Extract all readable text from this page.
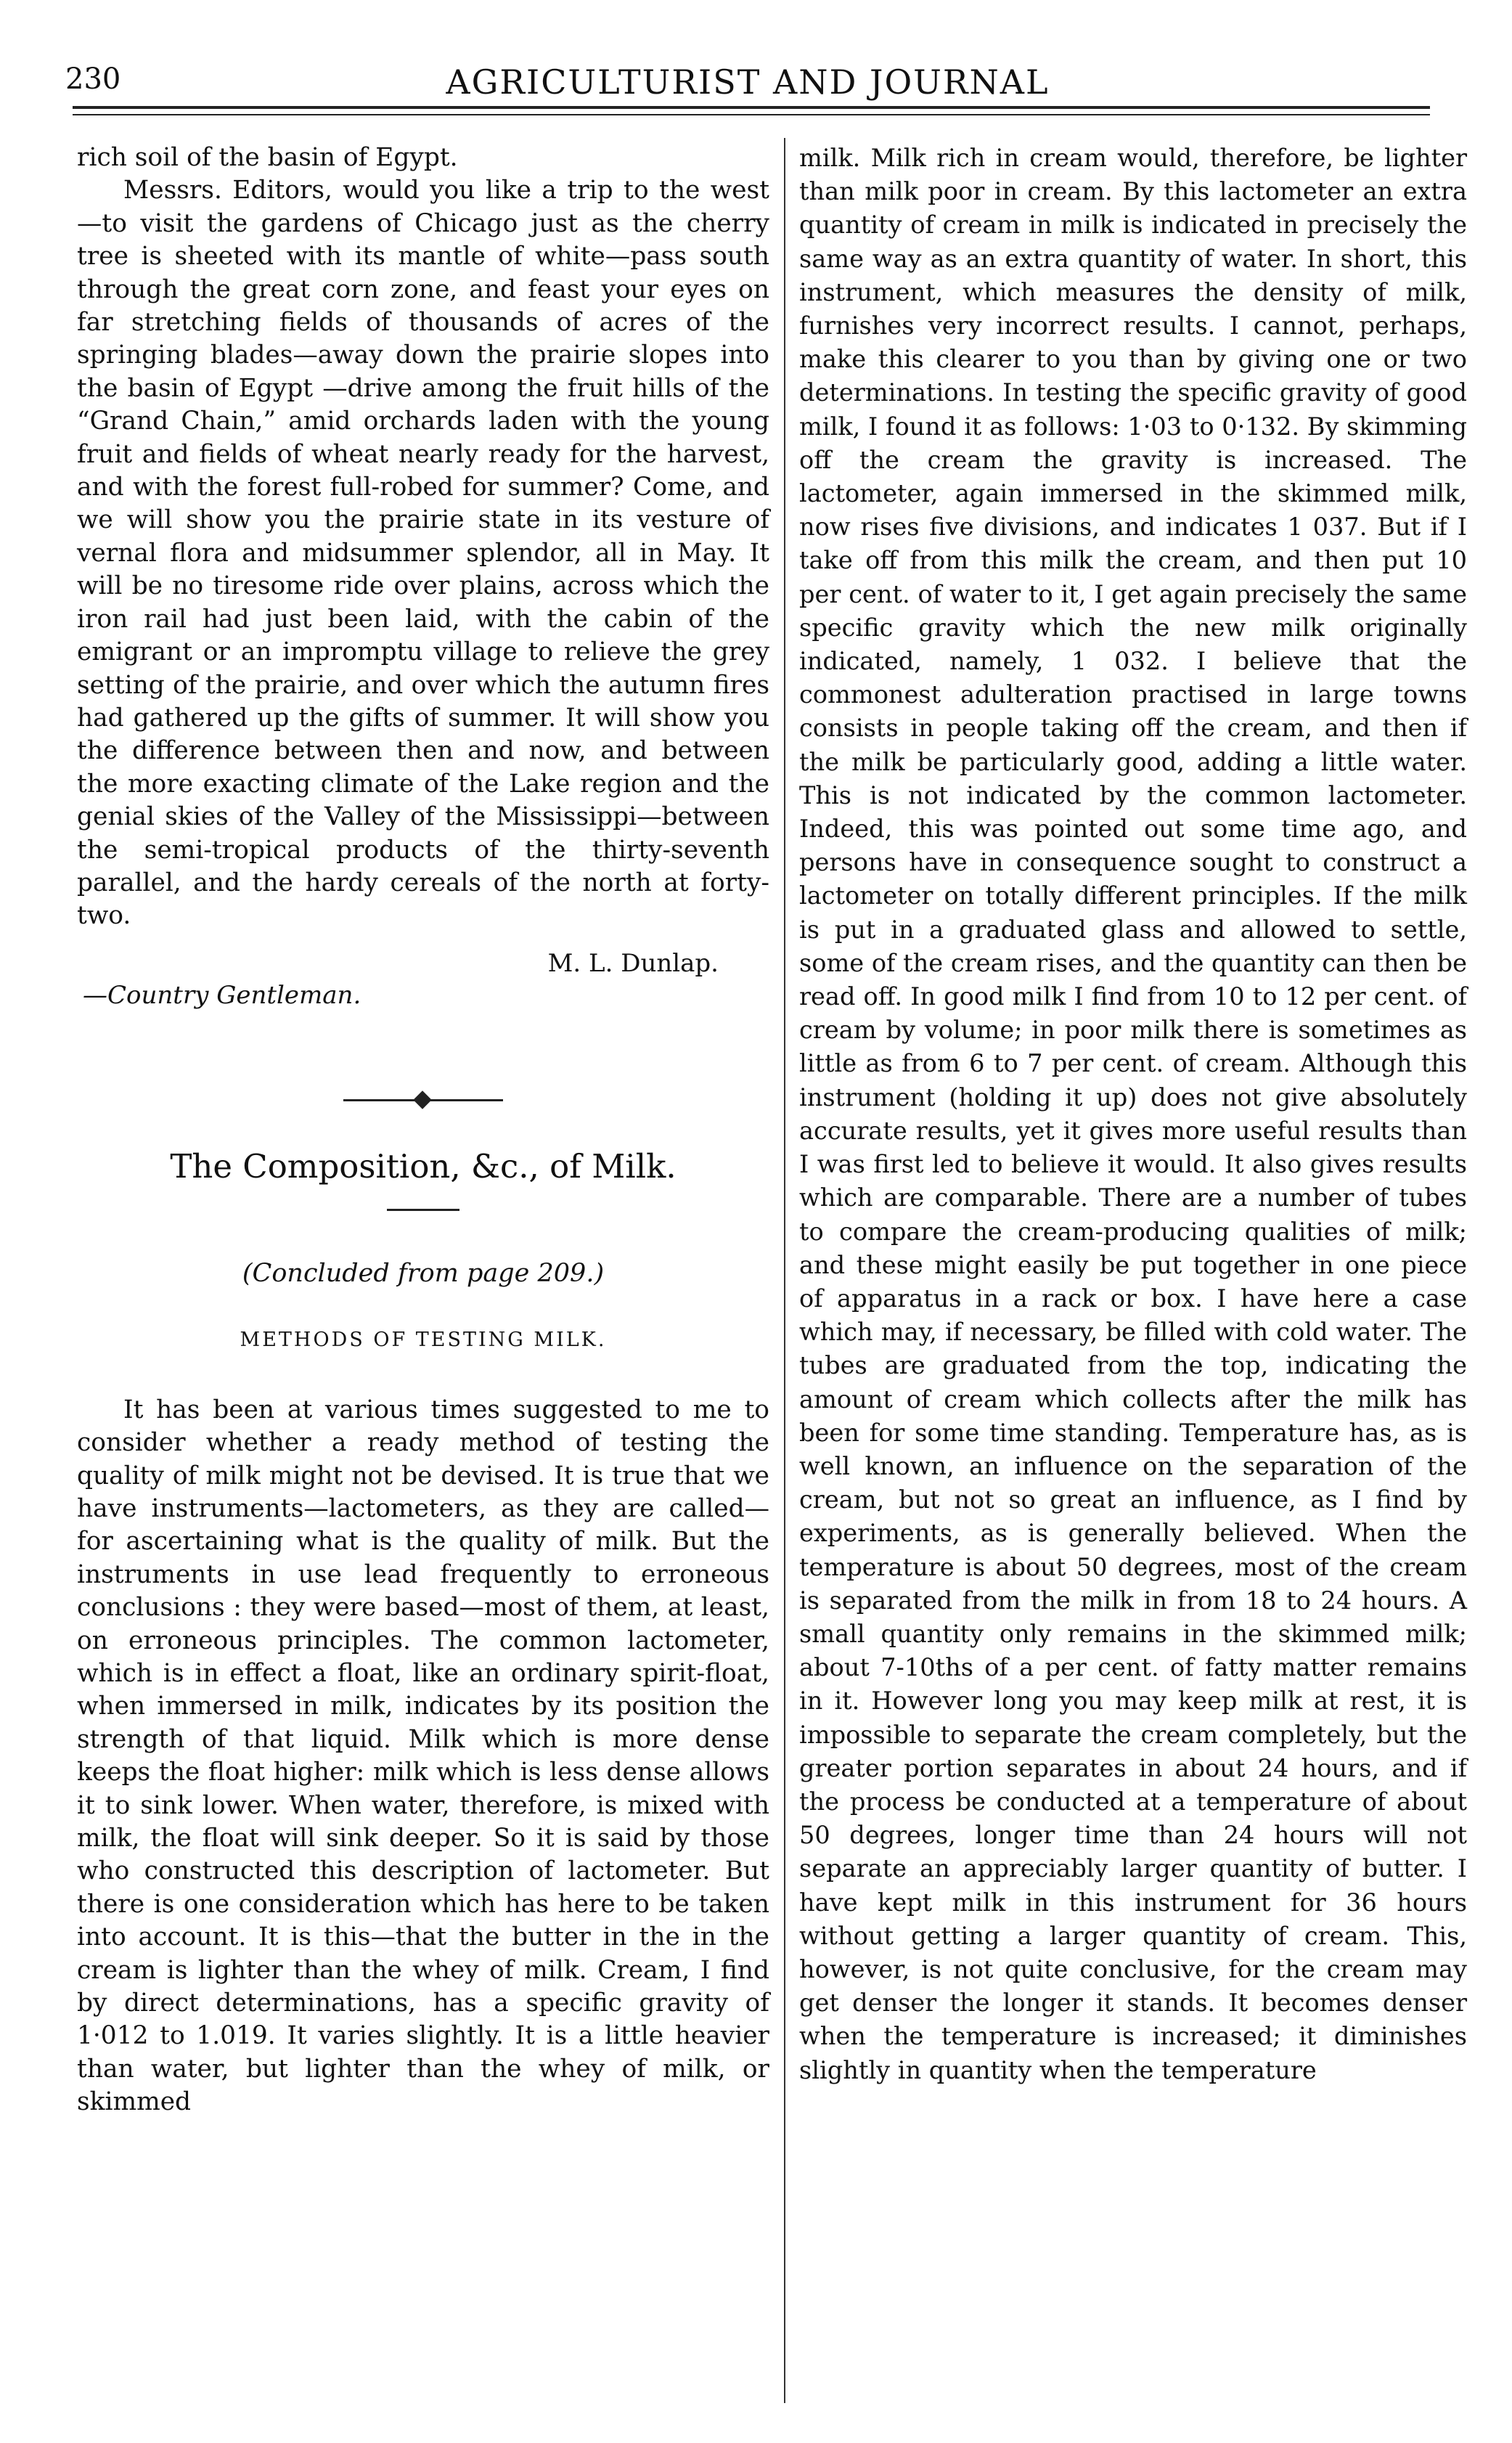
230	AGRICULTURIST AND JOURNAL

rich soil of the basin of Egypt.

Messrs. Editors, would you like a trip to the west—to visit the gardens of Chicago just as the cherry tree is sheeted with its mantle of white—pass south through the great corn zone, and feast your eyes on far stretching fields of thousands of acres of the springing blades—away down the prairie slopes into the basin of Egypt —drive among the fruit hills of the “Grand Chain,” amid orchards laden with the young fruit and fields of wheat nearly ready for the harvest, and with the forest full-robed for summer? Come, and we will show you the prairie state in its vesture of vernal flora and midsummer splendor, all in May. It will be no tiresome ride over plains, across which the iron rail had just been laid, with the cabin of the emigrant or an impromptu village to relieve the grey setting of the prairie, and over which the autumn fires had gathered up the gifts of summer. It will show you the difference between then and now, and between the more exacting climate of the Lake region and the genial skies of the Valley of the Mississippi—between the semi-tropical products of the thirty-seventh parallel, and the hardy cereals of the north at forty-two.

M. L. Dunlap.
—Country Gentleman.
The Composition, &c., of Milk.
(Concluded from page 209.)
METHODS OF TESTING MILK.

It has been at various times suggested to me to consider whether a ready method of testing the quality of milk might not be devised. It is true that we have instruments—lactometers, as they are called—for ascertaining what is the quality of milk. But the instruments in use lead frequently to erroneous conclusions : they were based—most of them, at least, on erroneous principles. The common lactometer, which is in effect a float, like an ordinary spirit-float, when immersed in milk, indicates by its position the strength of that liquid. Milk which is more dense keeps the float higher: milk which is less dense allows it to sink lower. When water, therefore, is mixed with milk, the float will sink deeper. So it is said by those who constructed this description of lactometer. But there is one consideration which has here to be taken into account. It is this—that the butter in the in the cream is lighter than the whey of milk. Cream, I find by direct determinations, has a specific gravity of 1·012 to 1.019. It varies slightly. It is a little heavier than water, but lighter than the whey of milk, or skimmed

milk. Milk rich in cream would, therefore, be lighter than milk poor in cream. By this lactometer an extra quantity of cream in milk is indicated in precisely the same way as an extra quantity of water. In short, this instrument, which measures the density of milk, furnishes very incorrect results. I cannot, perhaps, make this clearer to you than by giving one or two determinations. In testing the specific gravity of good milk, I found it as follows: 1·03 to 0·132. By skimming off the cream the gravity is increased. The lactometer, again immersed in the skimmed milk, now rises five divisions, and indicates 1 037. But if I take off from this milk the cream, and then put 10 per cent. of water to it, I get again precisely the same specific gravity which the new milk originally indicated, namely, 1 032. I believe that the commonest adulteration practised in large towns consists in people taking off the cream, and then if the milk be particularly good, adding a little water. This is not indicated by the common lactometer. Indeed, this was pointed out some time ago, and persons have in consequence sought to construct a lactometer on totally different principles. If the milk is put in a graduated glass and allowed to settle, some of the cream rises, and the quantity can then be read off. In good milk I find from 10 to 12 per cent. of cream by volume; in poor milk there is sometimes as little as from 6 to 7 per cent. of cream. Although this instrument (holding it up) does not give absolutely accurate results, yet it gives more useful results than I was first led to believe it would. It also gives results which are comparable. There are a number of tubes to compare the cream-producing qualities of milk; and these might easily be put together in one piece of apparatus in a rack or box. I have here a case which may, if necessary, be filled with cold water. The tubes are graduated from the top, indicating the amount of cream which collects after the milk has been for some time standing. Temperature has, as is well known, an influence on the separation of the cream, but not so great an influence, as I find by experiments, as is generally believed. When the temperature is about 50 degrees, most of the cream is separated from the milk in from 18 to 24 hours. A small quantity only remains in the skimmed milk; about 7-10ths of a per cent. of fatty matter remains in it. However long you may keep milk at rest, it is impossible to separate the cream completely, but the greater portion separates in about 24 hours, and if the process be conducted at a temperature of about 50 degrees, longer time than 24 hours will not separate an appreciably larger quantity of butter. I have kept milk in this instrument for 36 hours without getting a larger quantity of cream. This, however, is not quite conclusive, for the cream may get denser the longer it stands. It becomes denser when the temperature is increased; it diminishes slightly in quantity when the temperature
